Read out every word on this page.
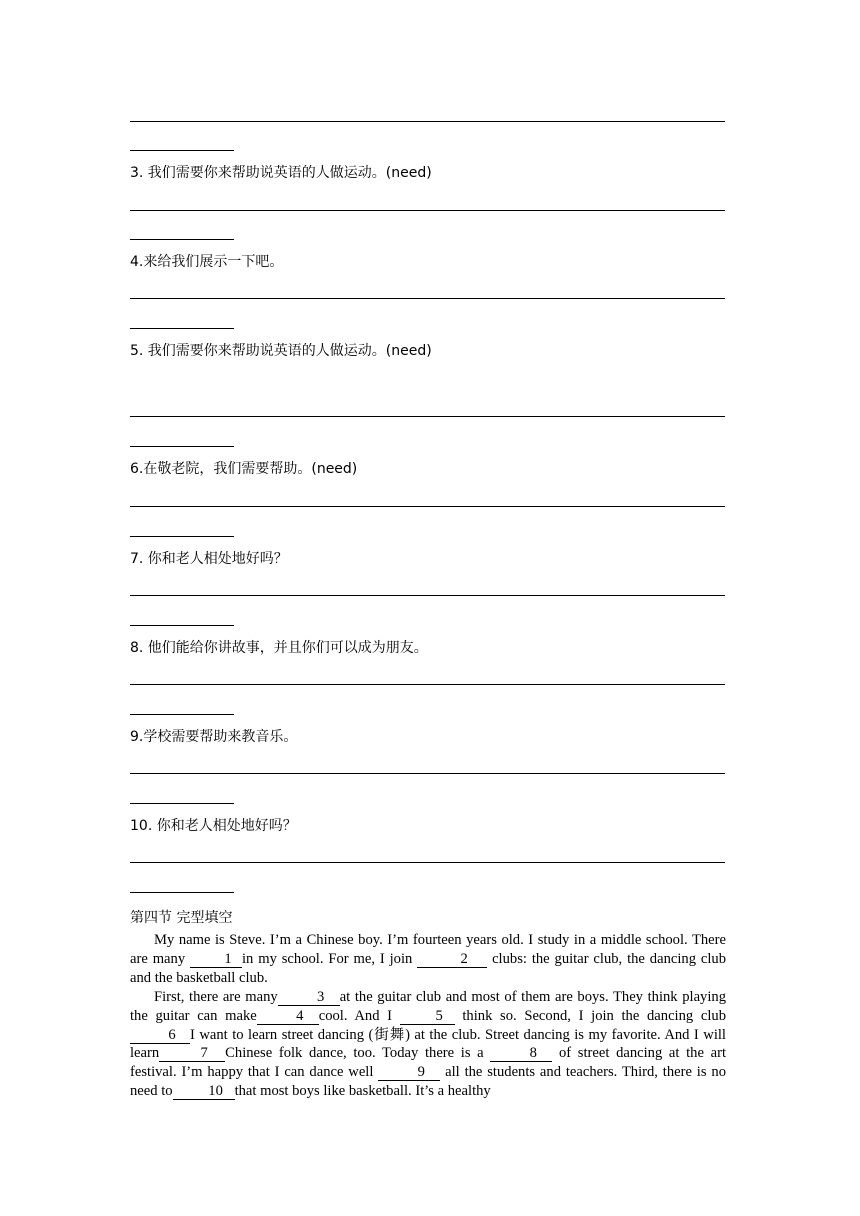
3. 我们需要你来帮助说英语的人做运动。(need)
4.来给我们展示一下吧。
5. 我们需要你来帮助说英语的人做运动。(need)
6.在敬老院，我们需要帮助。(need)
7. 你和老人相处地好吗？
8. 他们能给你讲故事，并且你们可以成为朋友。
9.学校需要帮助来教音乐。
10. 你和老人相处地好吗？
第四节 完型填空

My name is Steve. I’m a Chinese boy. I’m fourteen years old. I study in a middle school. There are many 1 in my school. For me, I join	2 clubs: the guitar club, the dancing club and the basketball club.

First, there are many	3 at the guitar club and most of them are boys. They think playing the guitar can make	4 cool. And I 5 think so. Second, I join the dancing club 6 I want to learn street dancing (街舞) at the club. Street dancing is my favorite. And I will learn	7 Chinese folk dance, too. Today there is a	8 of street dancing at the art festival. I’m happy that I can dance well	9 all the students and teachers. Third, there is no need to 10 that most boys like basketball. It’s a healthy
